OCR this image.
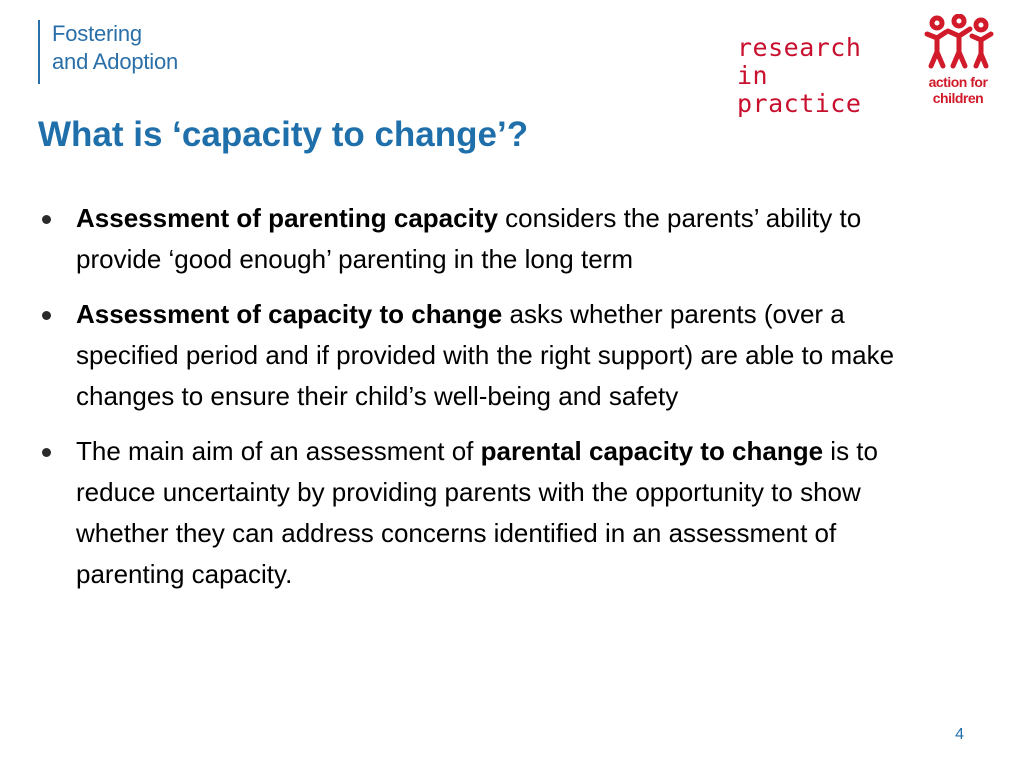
Fostering
and Adoption	research
in practice
action for
children
What is ‘capacity to change’?
Assessment of parenting capacity considers the parents’ ability to provide ‘good enough’ parenting in the long term
Assessment of capacity to change asks whether parents (over a specified period and if provided with the right support) are able to make changes to ensure their child’s well-being and safety
The main aim of an assessment of parental capacity to change is to reduce uncertainty by providing parents with the opportunity to show whether they can address concerns identified in an assessment of parenting capacity.
4
